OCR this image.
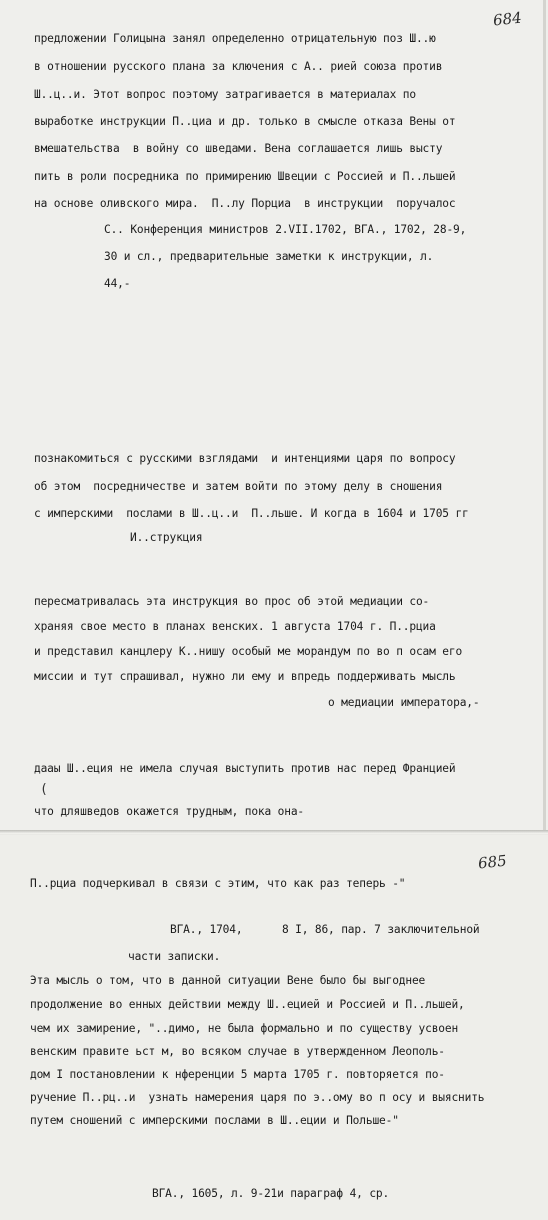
684
предложении Голицына занял определенно отрицательную поз Ш..ю
в отношении русского плана за ключения с А.. рией союза против
Ш..ц..и. Этот вопрос поэтому затрагивается в материалах по
выработке инструкции П..циа и др. только в смысле отказа Вены от
вмешательства  в войну со шведами. Вена соглашается лишь высту
пить в роли посредника по примирению Швеции с Россией и П..льшей
на основе оливского мира.  П..лу Порциа  в инструкции  поручалос
С.. Конференция министров 2.VII.1702, ВГА., 1702, 28-9,
30 и сл., предварительные заметки к инструкции, л.
44,-
познакомиться с русскими взглядами  и интенциями царя по вопросу
об этом  посредничестве и затем войти по этому делу в сношения
с имперскими  послами в Ш..ц..и  П..льше. И когда в 1604 и 1705 гг
И..струкция
пересматривалась эта инструкция во прос об этой медиации со-
храняя свое место в планах венских. 1 августа 1704 г. П..рциа
и представил канцлеру К..нишу особый ме морандум по во п осам его
миссии и тут спрашивал, нужно ли ему и впредь поддерживать мысль
о медиации императора,-
дааы Ш..еция не имела случая выступить против нас перед Францией
(
что дляшведов окажется трудным, пока она-
685
П..рциа подчеркивал в связи с этим, что как раз теперь -"
ВГА., 1704,      8 I, 86, пар. 7 заключительной
части записки.
Эта мысль о том, что в данной ситуации Вене было бы выгоднее
продолжение во енных действии между Ш..ецией и Россией и П..льшей,
чем их замирение, "..димо, не была формально и по существу усвоен
венским правите ьст м, во всяком случае в утвержденном Леополь-
дом I постановлении к нференции 5 марта 1705 г. повторяется по-
ручение П..рц..и  узнать намерения царя по э..ому во п осу и выяснить
путем сношений с имперскими послами в Ш..еции и Польше-"
ВГА., 1605, л. 9-21и параграф 4, ср.
